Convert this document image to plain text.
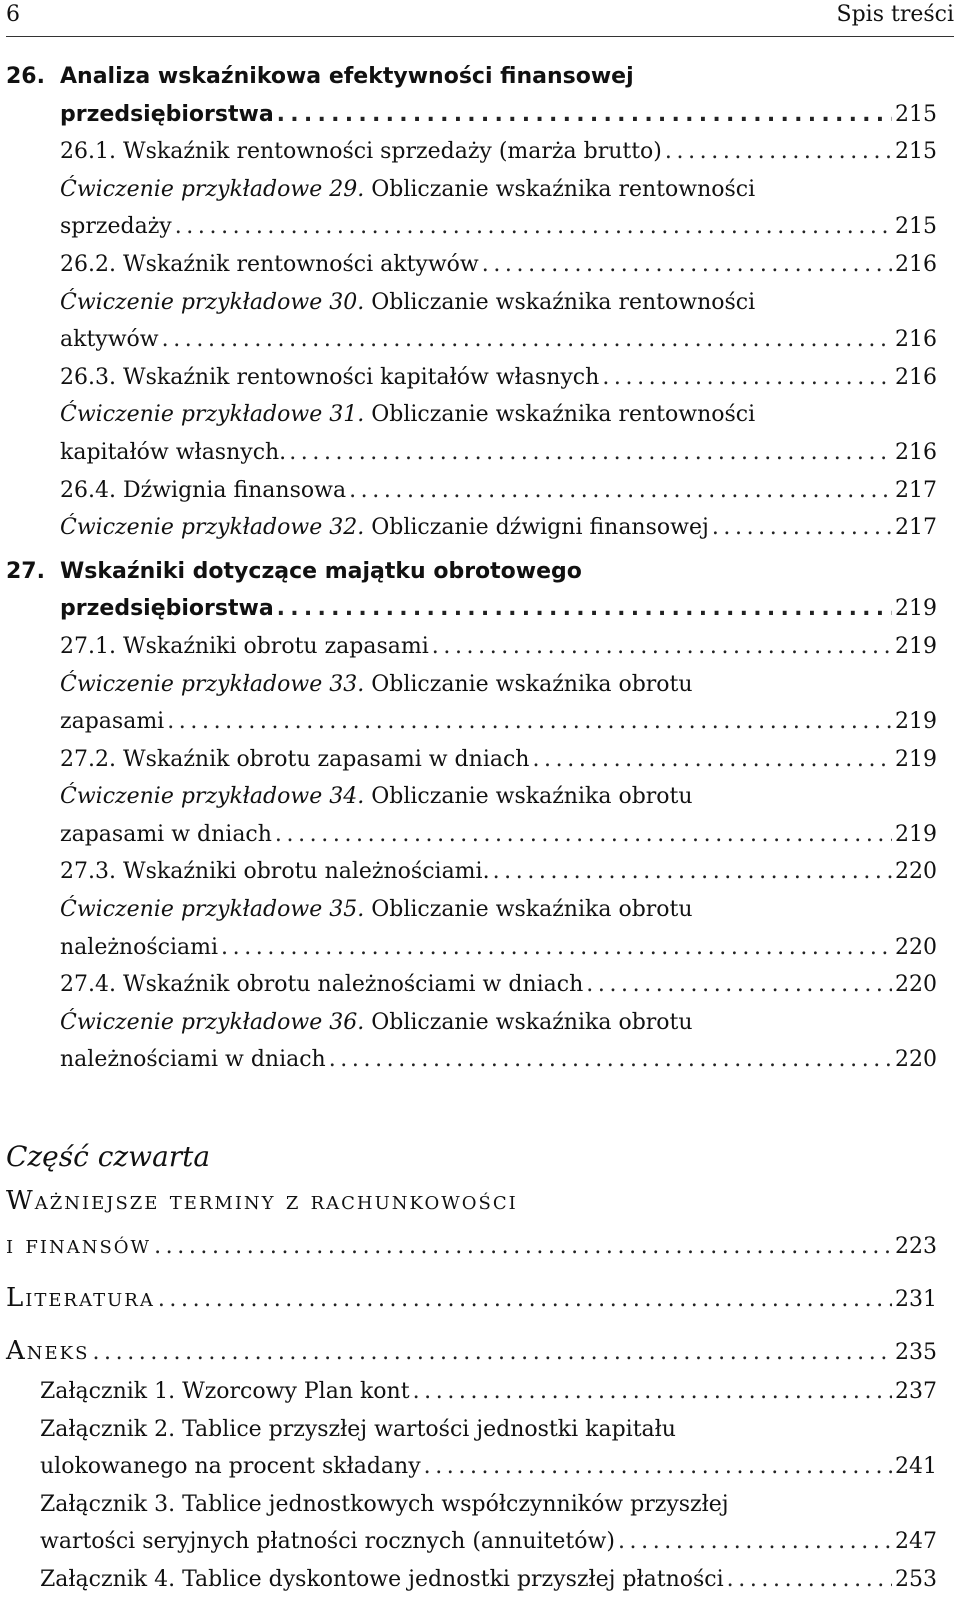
6	Spis treści
26. Analiza wskaźnikowa efektywności finansowej
przedsiębiorstwa . . .	215
26.1. Wskaźnik rentowności sprzedaży (marża brutto) . . .	215
Ćwiczenie przykładowe 29. Obliczanie wskaźnika rentowności
sprzedaży . . .	215
26.2. Wskaźnik rentowności aktywów . . .	216
Ćwiczenie przykładowe 30. Obliczanie wskaźnika rentowności
aktywów . . .	216
26.3. Wskaźnik rentowności kapitałów własnych . . .	216
Ćwiczenie przykładowe 31. Obliczanie wskaźnika rentowności
kapitałów własnych. . . .	216
26.4. Dźwignia finansowa . . .	217
Ćwiczenie przykładowe 32. Obliczanie dźwigni finansowej . . .	217
27. Wskaźniki dotyczące majątku obrotowego
przedsiębiorstwa . . .	219
27.1. Wskaźniki obrotu zapasami . . .	219
Ćwiczenie przykładowe 33. Obliczanie wskaźnika obrotu
zapasami . . .	219
27.2. Wskaźnik obrotu zapasami w dniach . . .	219
Ćwiczenie przykładowe 34. Obliczanie wskaźnika obrotu
zapasami w dniach . . .	219
27.3. Wskaźniki obrotu należnościami. . . .	220
Ćwiczenie przykładowe 35. Obliczanie wskaźnika obrotu
należnościami . . .	220
27.4. Wskaźnik obrotu należnościami w dniach . . .	220
Ćwiczenie przykładowe 36. Obliczanie wskaźnika obrotu
należnościami w dniach . . .	220
Część czwarta
Ważniejsze terminy z rachunkowości
i finansów . . .	223
Literatura . . .	231
Aneks . . .	235
Załącznik 1. Wzorcowy Plan kont . . .	237
Załącznik 2. Tablice przyszłej wartości jednostki kapitału
ulokowanego na procent składany . . .	241
Załącznik 3. Tablice jednostkowych współczynników przyszłej
wartości seryjnych płatności rocznych (annuitetów) . . .	247
Załącznik 4. Tablice dyskontowe jednostki przyszłej płatności . . .	253
